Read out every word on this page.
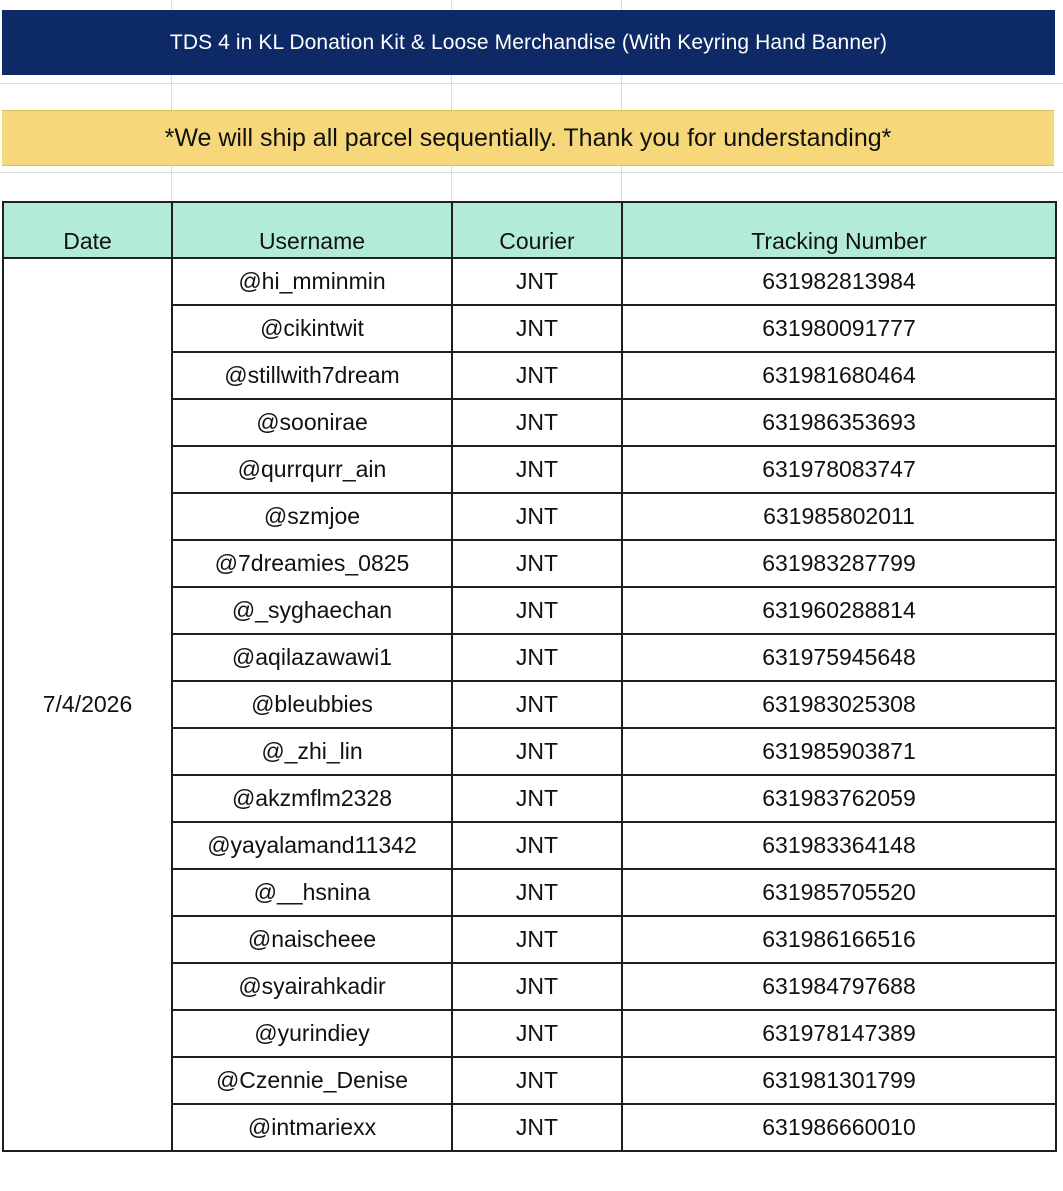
TDS 4 in KL Donation Kit & Loose Merchandise (With Keyring Hand Banner)
*We will ship all parcel sequentially. Thank you for understanding*
Date	Username	Courier	Tracking Number
7/4/2026	@hi_mminmin	JNT	631982813984
	@cikintwit	JNT	631980091777
	@stillwith7dream	JNT	631981680464
	@soonirae	JNT	631986353693
	@qurrqurr_ain	JNT	631978083747
	@szmjoe	JNT	631985802011
	@7dreamies_0825	JNT	631983287799
	@_syghaechan	JNT	631960288814
	@aqilazawawi1	JNT	631975945648
	@bleubbies	JNT	631983025308
	@_zhi_lin	JNT	631985903871
	@akzmflm2328	JNT	631983762059
	@yayalamand11342	JNT	631983364148
	@__hsnina	JNT	631985705520
	@naischeee	JNT	631986166516
	@syairahkadir	JNT	631984797688
	@yurindiey	JNT	631978147389
	@Czennie_Denise	JNT	631981301799
	@intmariexx	JNT	631986660010
